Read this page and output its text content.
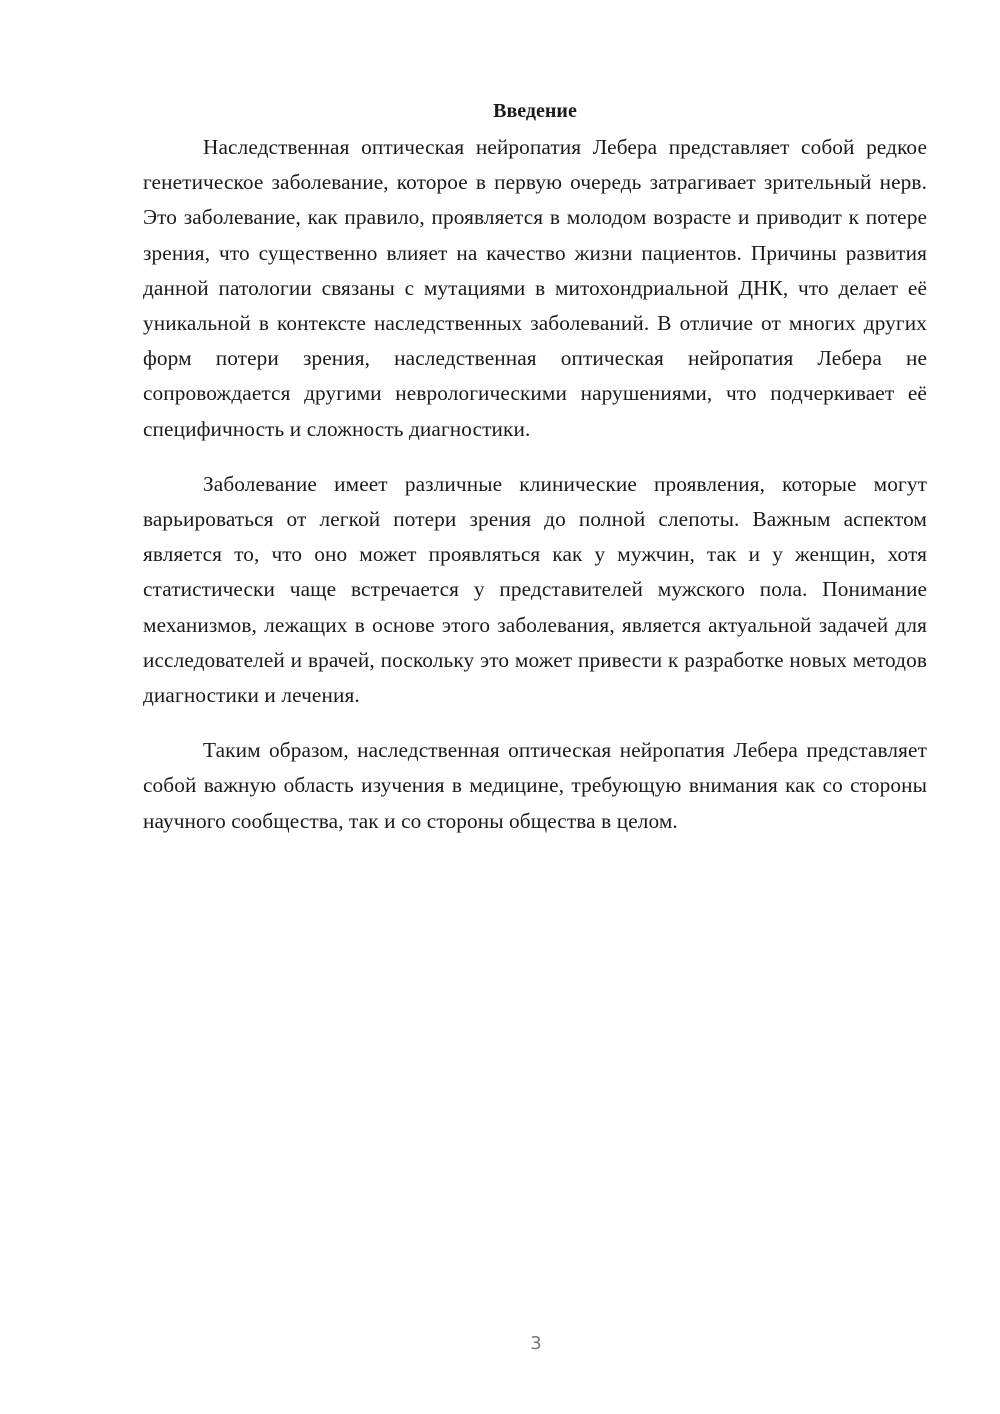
Введение

Наследственная оптическая нейропатия Лебера представляет собой редкое генетическое заболевание, которое в первую очередь затрагивает зрительный нерв. Это заболевание, как правило, проявляется в молодом возрасте и приводит к потере зрения, что существенно влияет на качество жизни пациентов. Причины развития данной патологии связаны с мутациями в митохондриальной ДНК, что делает её уникальной в контексте наследственных заболеваний. В отличие от многих других форм потери зрения, наследственная оптическая нейропатия Лебера не сопровождается другими неврологическими нарушениями, что подчеркивает её специфичность и сложность диагностики.

Заболевание имеет различные клинические проявления, которые могут варьироваться от легкой потери зрения до полной слепоты. Важным аспектом является то, что оно может проявляться как у мужчин, так и у женщин, хотя статистически чаще встречается у представителей мужского пола. Понимание механизмов, лежащих в основе этого заболевания, является актуальной задачей для исследователей и врачей, поскольку это может привести к разработке новых методов диагностики и лечения.

Таким образом, наследственная оптическая нейропатия Лебера представляет собой важную область изучения в медицине, требующую внимания как со стороны научного сообщества, так и со стороны общества в целом.

3
